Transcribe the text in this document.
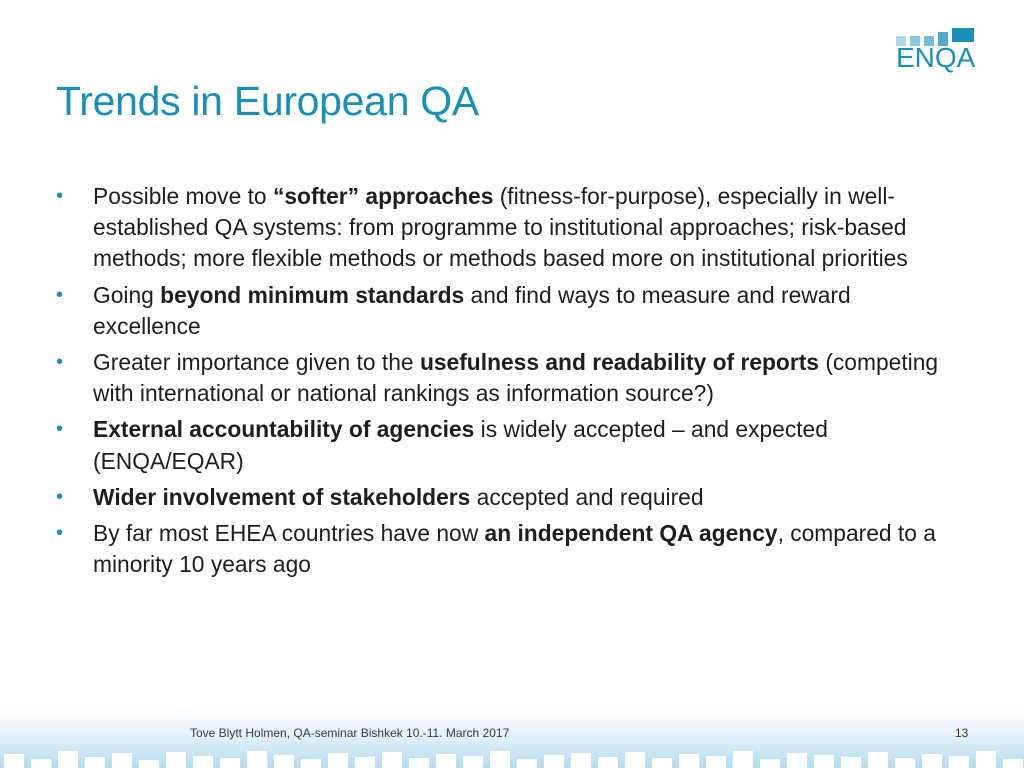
Trends in European QA
ENQA
• Possible move to “softer” approaches (fitness-for-purpose), especially in well-established QA systems: from programme to institutional approaches; risk-based methods; more flexible methods or methods based more on institutional priorities
• Going beyond minimum standards and find ways to measure and reward excellence
• Greater importance given to the usefulness and readability of reports (competing with international or national rankings as information source?)
• External accountability of agencies is widely accepted – and expected (ENQA/EQAR)
• Wider involvement of stakeholders accepted and required
• By far most EHEA countries have now an independent QA agency, compared to a minority 10 years ago
Tove Blytt Holmen, QA-seminar Bishkek 10.-11. March 2017	13
